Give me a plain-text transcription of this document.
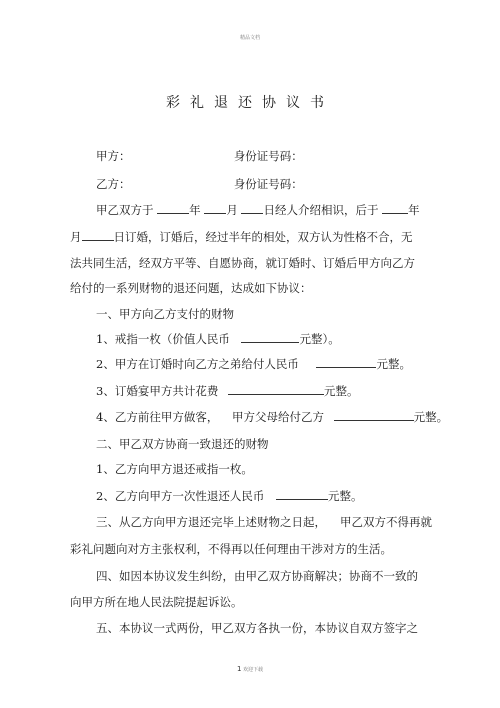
精品文档
彩礼退还协议书
甲方：	身份证号码：
乙方：	身份证号码：
甲乙双方于	年 月 日经人介绍相识，后于	年
月	日订婚，订婚后，经过半年的相处，双方认为性格不合，无
法共同生活，经双方平等、自愿协商，就订婚时、订婚后甲方向乙方
给付的一系列财物的退还问题，达成如下协议：
一、甲方向乙方支付的财物
1、戒指一枚（价值人民币	元整）。
2、甲方在订婚时向乙方之弟给付人民币	元整。
3、订婚宴甲方共计花费	元整。
4、乙方前往甲方做客， 甲方父母给付乙方	元整。
二、甲乙双方协商一致退还的财物
1、乙方向甲方退还戒指一枚。
2、乙方向甲方一次性退还人民币	元整。
三、从乙方向甲方退还完毕上述财物之日起， 甲乙双方不得再就
彩礼问题向对方主张权利，不得再以任何理由干涉对方的生活。
四、如因本协议发生纠纷，由甲乙双方协商解决；协商不一致的
向甲方所在地人民法院提起诉讼。
五、本协议一式两份，甲乙双方各执一份，本协议自双方签字之
1 欢迎下载
